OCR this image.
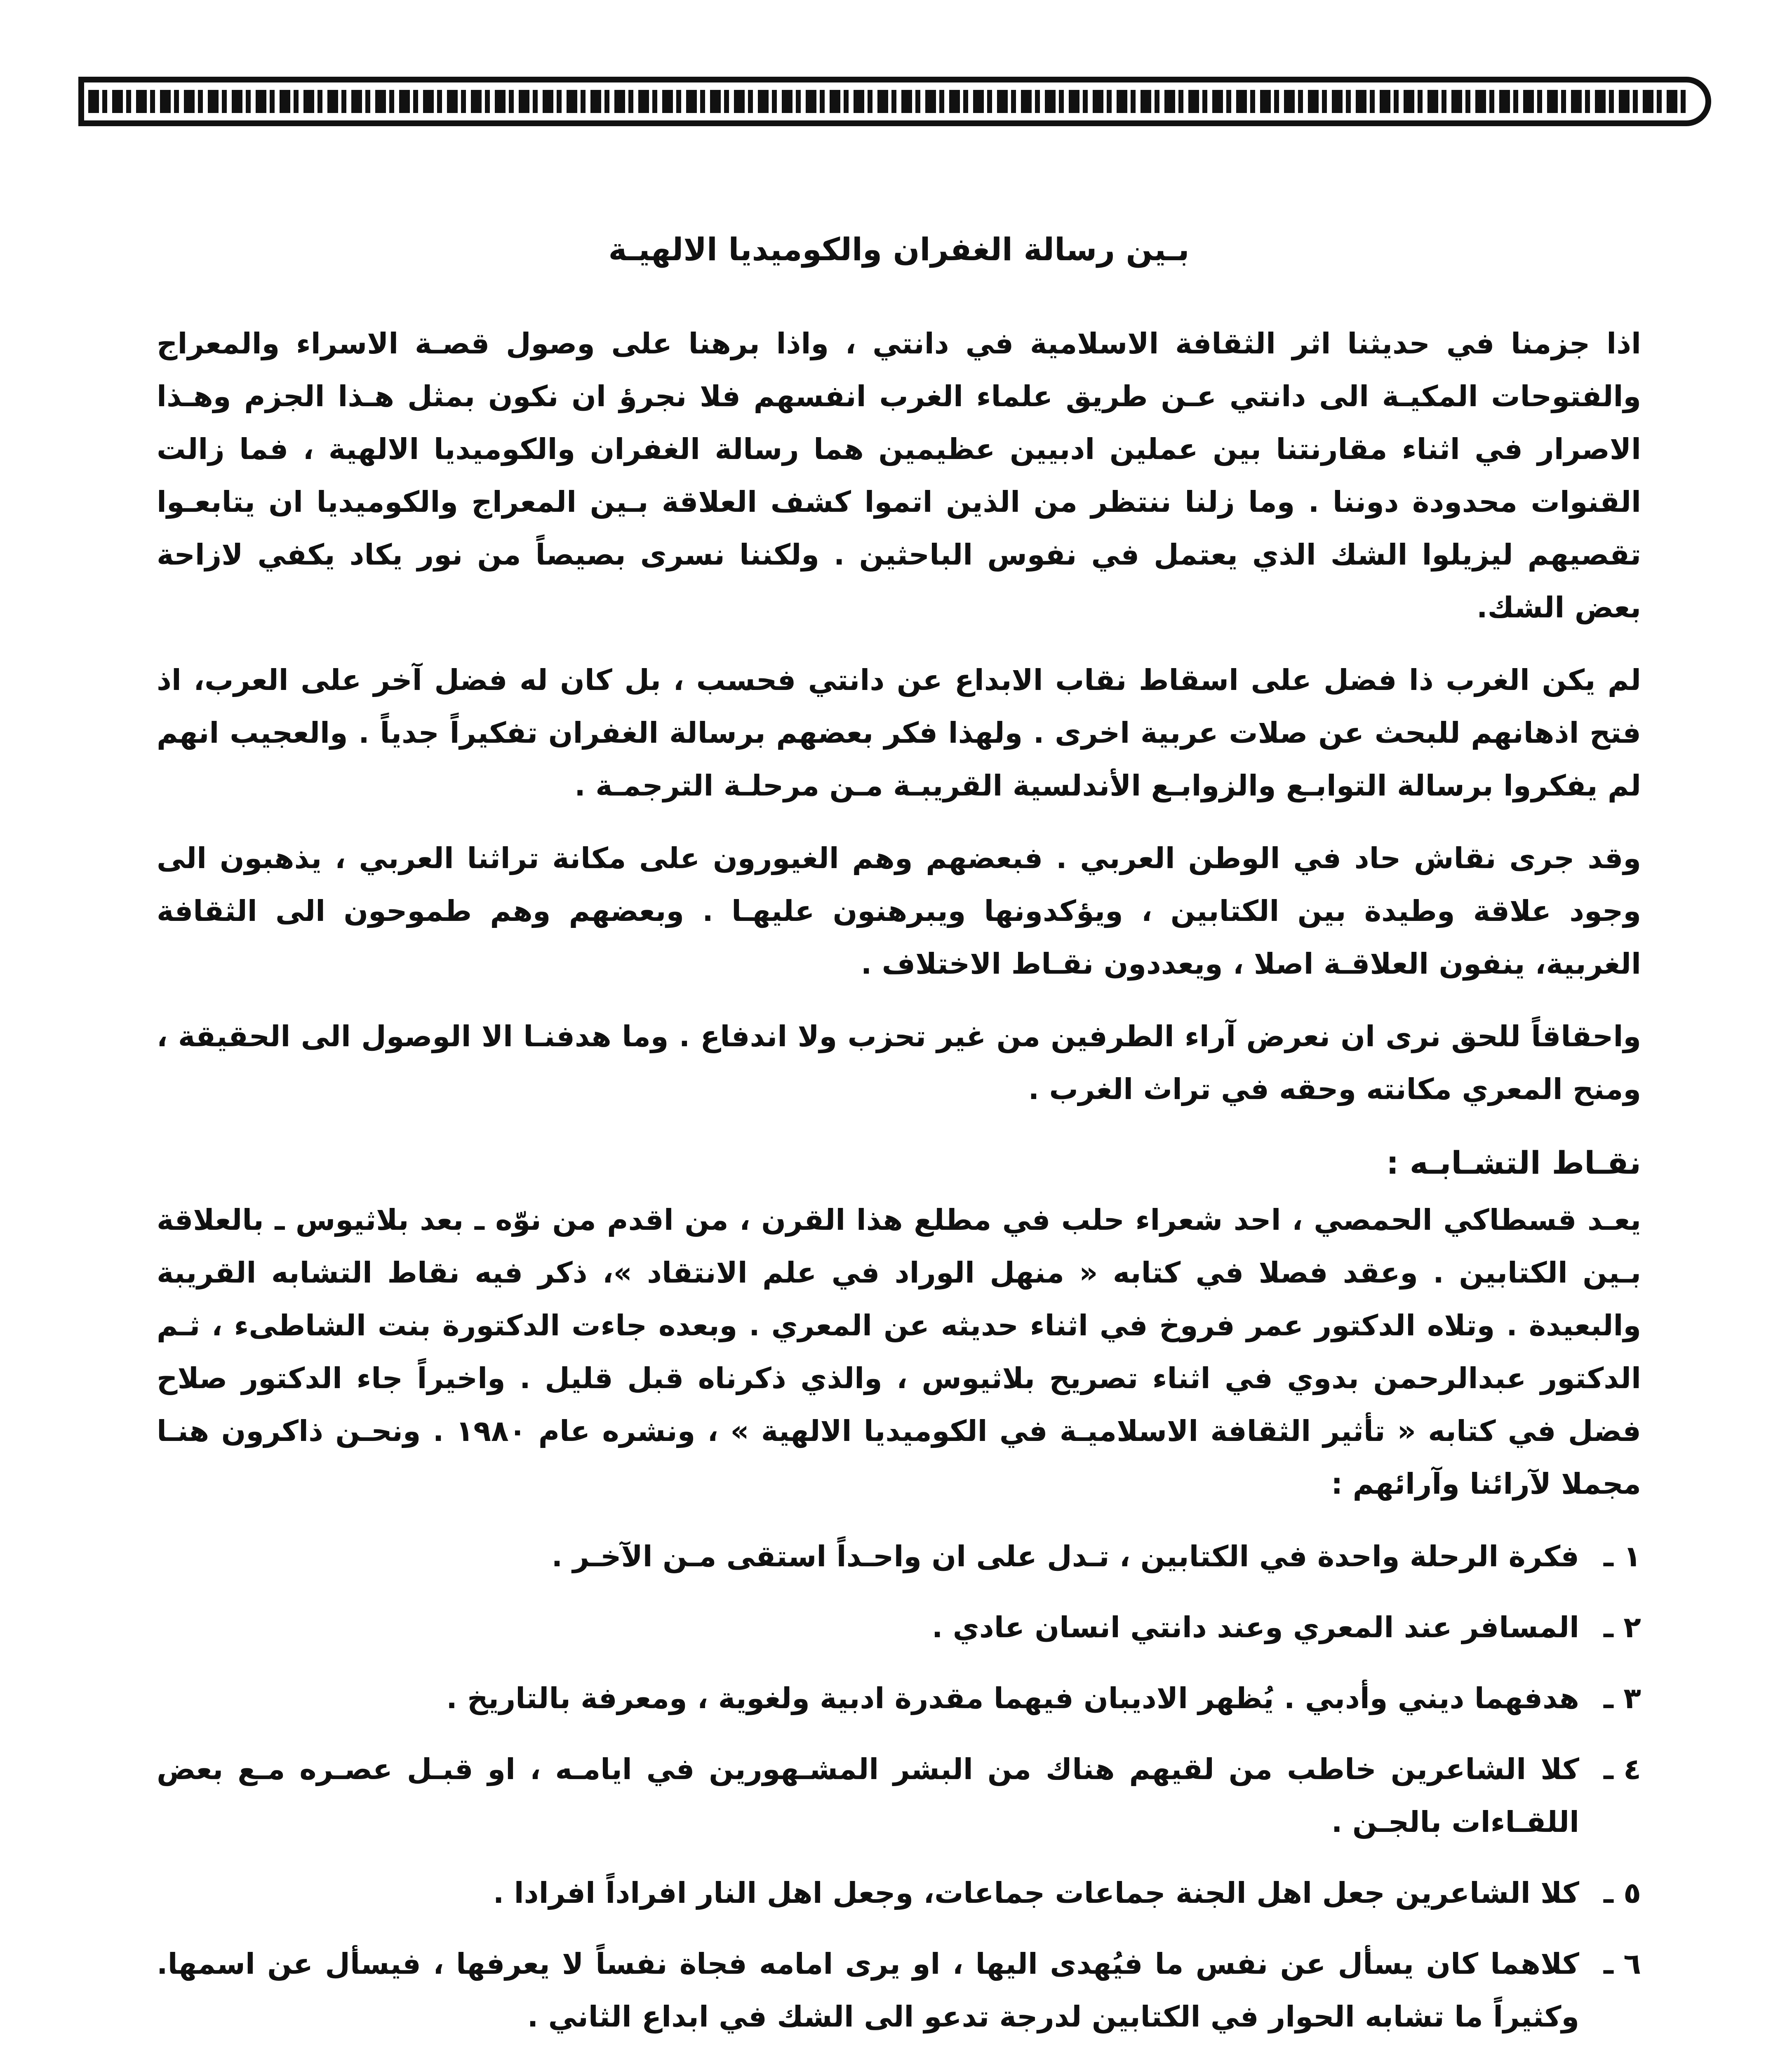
بـين رسالة الغفران والكوميديا الالهيـة

اذا جزمنا في حديثنا اثر الثقافة الاسلامية في دانتي ، واذا برهنا على وصول قصـة الاسراء والمعراج والفتوحات المكيـة الى دانتي عـن طريق علماء الغرب انفسهم فلا نجرؤ ان نكون بمثل هـذا الجزم وهـذا الاصرار في اثناء مقارنتنا بين عملين ادبيين عظيمين هما رسالة الغفران والكوميديا الالهية ، فما زالت القنوات محدودة دوننا . وما زلنا ننتظر من الذين اتموا كشف العلاقة بـين المعراج والكوميديا ان يتابعـوا تقصيهم ليزيلوا الشك الذي يعتمل في نفوس الباحثين . ولكننا نسرى بصيصاً من نور يكاد يكفي لازاحة بعض الشك.

لم يكن الغرب ذا فضل على اسقاط نقاب الابداع عن دانتي فحسب ، بل كان له فضل آخر على العرب، اذ فتح اذهانهم للبحث عن صلات عربية اخرى . ولهذا فكر بعضهم برسالة الغفران تفكيراً جدياً . والعجيب انهم لم يفكروا برسالة التوابـع والزوابـع الأندلسية القريبـة مـن مرحلـة الترجمـة .

وقد جرى نقاش حاد في الوطن العربي . فبعضهم وهم الغيورون على مكانة تراثنا العربي ، يذهبون الى وجود علاقة وطيدة بين الكتابين ، ويؤكدونها ويبرهنون عليهـا . وبعضهم وهم طموحون الى الثقافة الغربية، ينفون العلاقـة اصلا ، ويعددون نقـاط الاختلاف .

واحقاقاً للحق نرى ان نعرض آراء الطرفين من غير تحزب ولا اندفاع . وما هدفنـا الا الوصول الى الحقيقة ، ومنح المعري مكانته وحقه في تراث الغرب .

نقـاط التشـابـه :

يعـد قسطاكي الحمصي ، احد شعراء حلب في مطلع هذا القرن ، من اقدم من نوّه ـ بعد بلاثيوس ـ بالعلاقة بـين الكتابين . وعقد فصلا في كتابه « منهل الوراد في علم الانتقاد »، ذكر فيه نقاط التشابه القريبة والبعيدة . وتلاه الدكتور عمر فروخ في اثناء حديثه عن المعري . وبعده جاءت الدكتورة بنت الشاطىء ، ثـم الدكتور عبدالرحمن بدوي في اثناء تصريح بلاثيوس ، والذي ذكرناه قبل قليل . واخيراً جاء الدكتور صلاح فضل في كتابه « تأثير الثقافة الاسلاميـة في الكوميديا الالهية » ، ونشره عام ١٩٨٠ . ونحـن ذاكرون هنـا مجملا لآرائنا وآرائهم :

١ ـ
فكرة الرحلة واحدة في الكتابين ، تـدل على ان واحـداً استقى مـن الآخـر .
٢ ـ
المسافر عند المعري وعند دانتي انسان عادي .
٣ ـ
هدفهما ديني وأدبي . يُظهر الاديبان فيهما مقدرة ادبية ولغوية ، ومعرفة بالتاريخ .
٤ ـ
كلا الشاعرين خاطب من لقيهم هناك من البشر المشـهورين في ايامـه ، او قبـل عصـره مـع بعض اللقـاءات بالجـن .
٥ ـ
كلا الشاعرين جعل اهل الجنة جماعات جماعات، وجعل اهل النار افراداً افرادا .
٦ ـ
كلاهما كان يسأل عن نفس ما فيُهدى اليها ، او يرى امامه فجاة نفساً لا يعرفها ، فيسأل عن اسمها. وكثيراً ما تشابه الحوار في الكتابين لدرجة تدعو الى الشك في ابداع الثاني .
